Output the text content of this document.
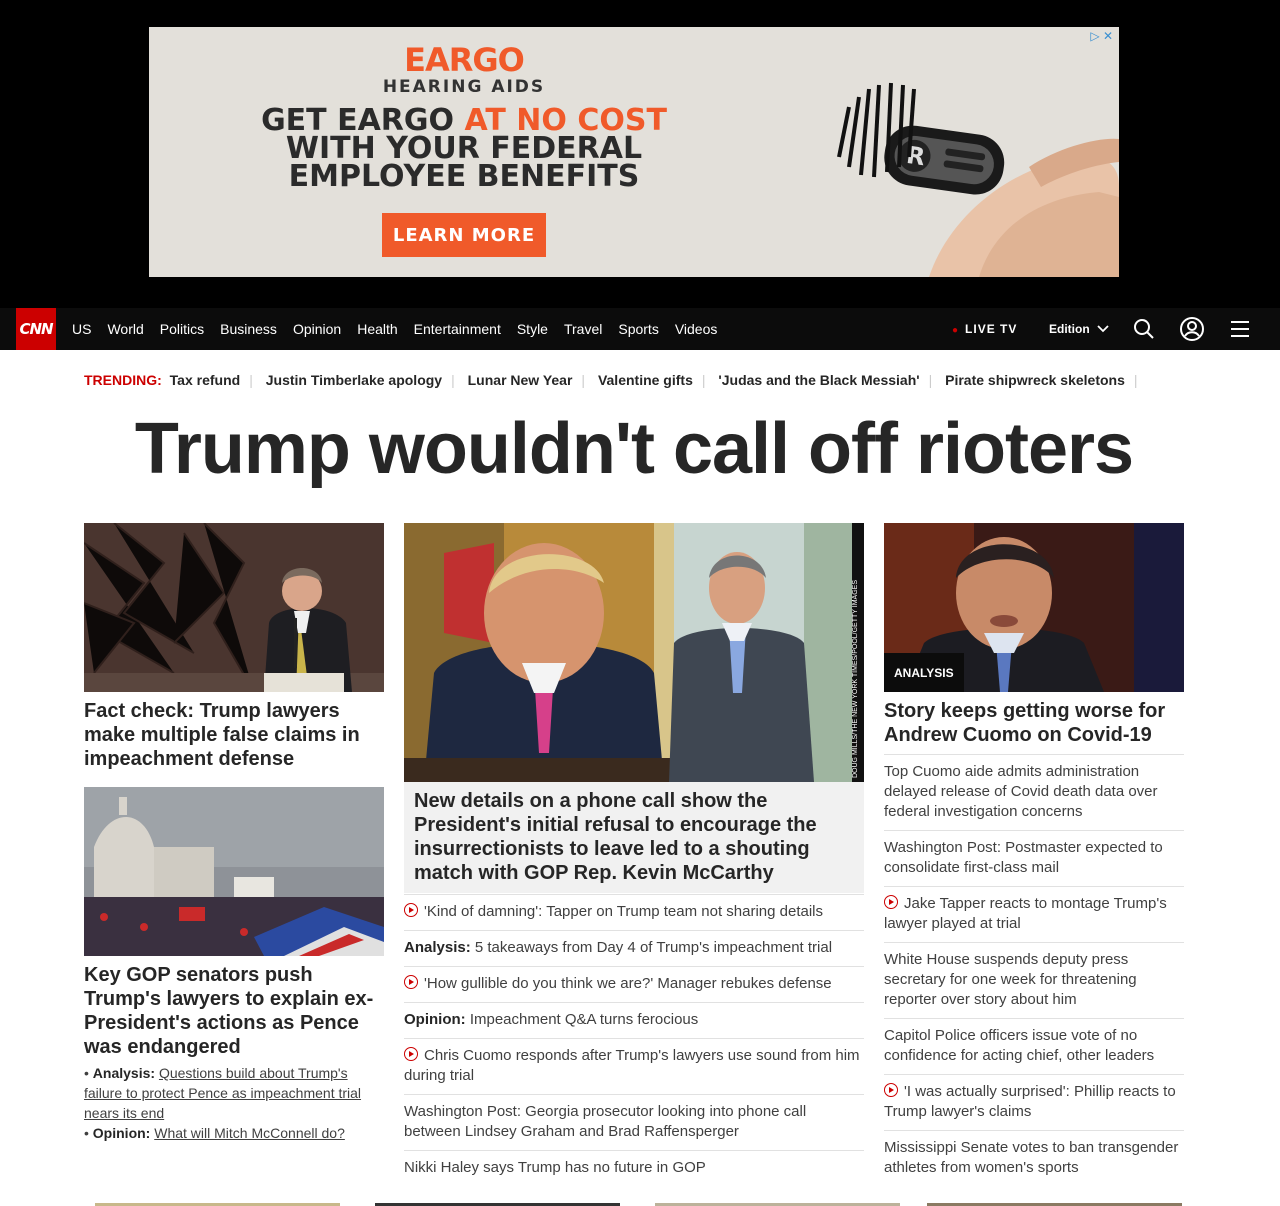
EARGO
HEARING AIDS
GET EARGO AT NO COST
WITH YOUR FEDERAL EMPLOYEE BENEFITS
LEARN MORE
R
▷ ✕
CNN US World Politics Business Opinion Health Entertainment Style Travel Sports Videos	● LIVE TV	Edition
TRENDING: Tax refund | Justin Timberlake apology | Lunar New Year | Valentine gifts | 'Judas and the Black Messiah' | Pirate shipwreck skeletons |
Trump wouldn't call off rioters
Fact check: Trump lawyers make multiple false claims in impeachment defense
Key GOP senators push Trump's lawyers to explain ex-President's actions as Pence was endangered
• Analysis: Questions build about Trump's failure to protect Pence as impeachment trial nears its end
• Opinion: What will Mitch McConnell do?
DOUG MILLS/THE NEW YORK TIMES/POOL/GETTY IMAGES
New details on a phone call show the President's initial refusal to encourage the insurrectionists to leave led to a shouting match with GOP Rep. Kevin McCarthy
'Kind of damning': Tapper on Trump team not sharing details
Analysis: 5 takeaways from Day 4 of Trump's impeachment trial
'How gullible do you think we are?' Manager rebukes defense
Opinion: Impeachment Q&A turns ferocious
Chris Cuomo responds after Trump's lawyers use sound from him during trial
Washington Post: Georgia prosecutor looking into phone call between Lindsey Graham and Brad Raffensperger
Nikki Haley says Trump has no future in GOP
ANALYSIS
Story keeps getting worse for Andrew Cuomo on Covid-19
Top Cuomo aide admits administration delayed release of Covid death data over federal investigation concerns
Washington Post: Postmaster expected to consolidate first-class mail
Jake Tapper reacts to montage Trump's lawyer played at trial
White House suspends deputy press secretary for one week for threatening reporter over story about him
Capitol Police officers issue vote of no confidence for acting chief, other leaders
'I was actually surprised': Phillip reacts to Trump lawyer's claims
Mississippi Senate votes to ban transgender athletes from women's sports
